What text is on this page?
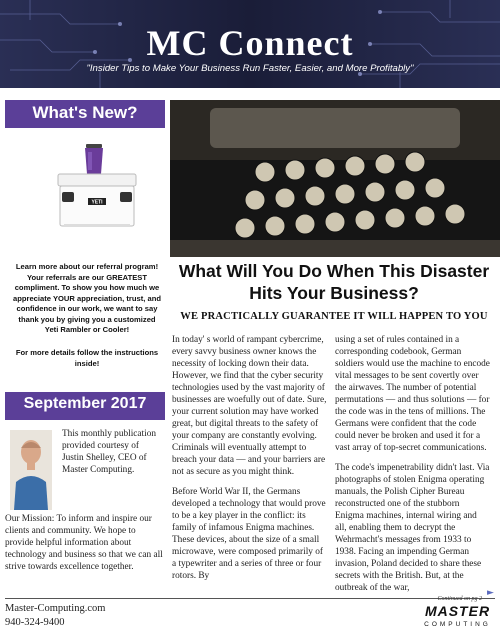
MC Connect
"Insider Tips to Make Your Business Run Faster, Easier, and More Profitably"
What's New?
YETI
Learn more about our referral program! Your referrals are our GREATEST compliment. To show you how much we appreciate YOUR appreciation, trust, and confidence in our work, we want to say thank you by giving you a customized Yeti Rambler or Cooler!
For more details follow the instructions inside!
September 2017
This monthly publication provided courtesy of Justin Shelley, CEO of Master Computing.
Our Mission: To inform and inspire our clients and community. We hope to provide helpful information about technology and business so that we can all strive towards excellence together.
What Will You Do When This Disaster
Hits Your Business?
WE PRACTICALLY GUARANTEE IT WILL HAPPEN TO YOU

In today' s world of rampant cybercrime, every savvy business owner knows the necessity of locking down their data. However, we find that the cyber security technologies used by the vast majority of businesses are woefully out of date. Sure, your current solution may have worked great, but digital threats to the safety of your company are constantly evolving. Criminals will eventually attempt to breach your data — and your barriers are not as secure as you might think.

Before World War II, the Germans developed a technology that would prove to be a key player in the conflict: its family of infamous Enigma machines. These devices, about the size of a small microwave, were composed primarily of a typewriter and a series of three or four rotors. By

using a set of rules contained in a corresponding codebook, German soldiers would use the machine to encode vital messages to be sent covertly over the airwaves. The number of potential permutations — and thus solutions — for the code was in the tens of millions. The Germans were confident that the code could never be broken and used it for a vast array of top-secret communications.

The code's impenetrability didn't last. Via photographs of stolen Enigma operating manuals, the Polish Cipher Bureau reconstructed one of the stubborn Enigma machines, internal wiring and all, enabling them to decrypt the Wehrmacht's messages from 1933 to 1938. Facing an impending German invasion, Poland decided to share these secrets with the British. But, at the outbreak of the war,

Master-Computing.com
940-324-9400
Continued on pg 2
►
MASTER
COMPUTING
